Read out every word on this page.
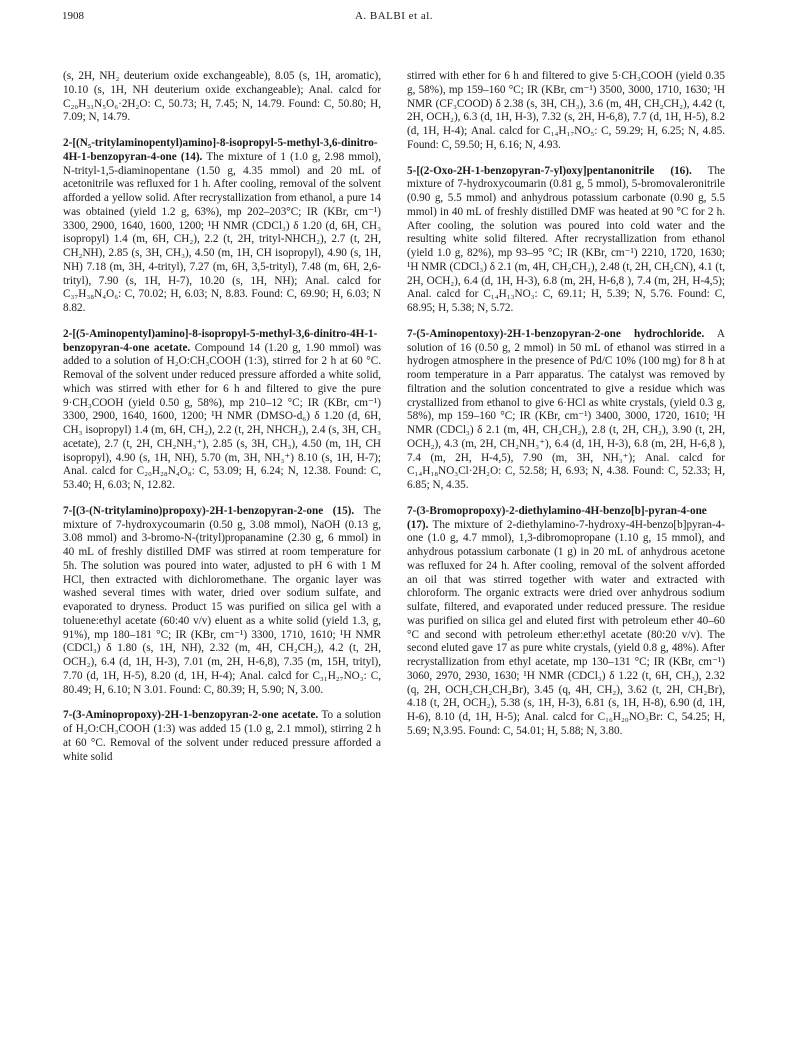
1908	A. BALBI et al.

(s, 2H, NH₂ deuterium oxide exchangeable), 8.05 (s, 1H, aromatic), 10.10 (s, 1H, NH deuterium oxide exchangeable); Anal. calcd for C₂₀H₃₁N₅O₆·2H₂O: C, 50.73; H, 7.45; N, 14.79. Found: C, 50.80; H, 7.09; N, 14.79.

2-[(N₅-tritylaminopentyl)amino]-8-isopropyl-5-methyl-3,6-dinitro-4H-1-benzopyran-4-one (14). The mixture of 1 (1.0 g, 2.98 mmol), N-trityl-1,5-diaminopentane (1.50 g, 4.35 mmol) and 20 mL of acetonitrile was refluxed for 1 h. After cooling, removal of the solvent afforded a yellow solid. After recrystallization from ethanol, a pure 14 was obtained (yield 1.2 g, 63%), mp 202–203°C; IR (KBr, cm⁻¹) 3300, 2900, 1640, 1600, 1200; ¹H NMR (CDCl₃) δ 1.20 (d, 6H, CH₃ isopropyl) 1.4 (m, 6H, CH₂), 2.2 (t, 2H, trityl-NHCH₂), 2.7 (t, 2H, CH₂NH), 2.85 (s, 3H, CH₃), 4.50 (m, 1H, CH isopropyl), 4.90 (s, 1H, NH) 7.18 (m, 3H, 4-trityl), 7.27 (m, 6H, 3,5-trityl), 7.48 (m, 6H, 2,6-trityl), 7.90 (s, 1H, H-7), 10.20 (s, 1H, NH); Anal. calcd for C₃₇H₃₈N₄O₆: C, 70.02; H, 6.03; N, 8.83. Found: C, 69.90; H, 6.03; N 8.82.

2-[(5-Aminopentyl)amino]-8-isopropyl-5-methyl-3,6-dinitro-4H-1-benzopyran-4-one acetate. Compound 14 (1.20 g, 1.90 mmol) was added to a solution of H₂O:CH₃COOH (1:3), stirred for 2 h at 60 °C. Removal of the solvent under reduced pressure afforded a white solid, which was stirred with ether for 6 h and filtered to give the pure 9·CH₃COOH (yield 0.50 g, 58%), mp 210–12 °C; IR (KBr, cm⁻¹) 3300, 2900, 1640, 1600, 1200; ¹H NMR (DMSO-d₆) δ 1.20 (d, 6H, CH₃ isopropyl) 1.4 (m, 6H, CH₂), 2.2 (t, 2H, NHCH₂), 2.4 (s, 3H, CH₃ acetate), 2.7 (t, 2H, CH₂NH₃⁺), 2.85 (s, 3H, CH₃), 4.50 (m, 1H, CH isopropyl), 4.90 (s, 1H, NH), 5.70 (m, 3H, NH₃⁺) 8.10 (s, 1H, H-7); Anal. calcd for C₂₀H₂₈N₄O₈: C, 53.09; H, 6.24; N, 12.38. Found: C, 53.40; H, 6.03; N, 12.82.

7-[(3-(N-tritylamino)propoxy)-2H-1-benzopyran-2-one (15). The mixture of 7-hydroxycoumarin (0.50 g, 3.08 mmol), NaOH (0.13 g, 3.08 mmol) and 3-bromo-N-(trityl)propanamine (2.30 g, 6 mmol) in 40 mL of freshly distilled DMF was stirred at room temperature for 5h. The solution was poured into water, adjusted to pH 6 with 1 M HCl, then extracted with dichloromethane. The organic layer was washed several times with water, dried over sodium sulfate, and evaporated to dryness. Product 15 was purified on silica gel with a toluene:ethyl acetate (60:40 v/v) eluent as a white solid (yield 1.3, g, 91%), mp 180–181 °C; IR (KBr, cm⁻¹) 3300, 1710, 1610; ¹H NMR (CDCl₃) δ 1.80 (s, 1H, NH), 2.32 (m, 4H, CH₂CH₂), 4.2 (t, 2H, OCH₂), 6.4 (d, 1H, H-3), 7.01 (m, 2H, H-6,8), 7.35 (m, 15H, trityl), 7.70 (d, 1H, H-5), 8.20 (d, 1H, H-4); Anal. calcd for C₃₁H₂₇NO₃: C, 80.49; H, 6.10; N 3.01. Found: C, 80.39; H, 5.90; N, 3.00.

7-(3-Aminopropoxy)-2H-1-benzopyran-2-one acetate. To a solution of H₂O:CH₃COOH (1:3) was added 15 (1.0 g, 2.1 mmol), stirring 2 h at 60 °C. Removal of the solvent under reduced pressure afforded a white solid

stirred with ether for 6 h and filtered to give 5·CH₃COOH (yield 0.35 g, 58%), mp 159–160 °C; IR (KBr, cm⁻¹) 3500, 3000, 1710, 1630; ¹H NMR (CF₃COOD) δ 2.38 (s, 3H, CH₃), 3.6 (m, 4H, CH₂CH₂), 4.42 (t, 2H, OCH₂), 6.3 (d, 1H, H-3), 7.32 (s, 2H, H-6,8), 7.7 (d, 1H, H-5), 8.2 (d, 1H, H-4); Anal. calcd for C₁₄H₁₇NO₅: C, 59.29; H, 6.25; N, 4.85. Found: C, 59.50; H, 6.16; N, 4.93.

5-[(2-Oxo-2H-1-benzopyran-7-yl)oxy]pentanonitrile (16). The mixture of 7-hydroxycoumarin (0.81 g, 5 mmol), 5-bromovaleronitrile (0.90 g, 5.5 mmol) and anhydrous potassium carbonate (0.90 g, 5.5 mmol) in 40 mL of freshly distilled DMF was heated at 90 °C for 2 h. After cooling, the solution was poured into cold water and the resulting white solid filtered. After recrystallization from ethanol (yield 1.0 g, 82%), mp 93–95 °C; IR (KBr, cm⁻¹) 2210, 1720, 1630; ¹H NMR (CDCl₃) δ 2.1 (m, 4H, CH₂CH₂), 2.48 (t, 2H, CH₂CN), 4.1 (t, 2H, OCH₂), 6.4 (d, 1H, H-3), 6.8 (m, 2H, H-6,8 ), 7.4 (m, 2H, H-4,5); Anal. calcd for C₁₄H₁₃NO₃: C, 69.11; H, 5.39; N, 5.76. Found: C, 68.95; H, 5.38; N, 5.72.

7-(5-Aminopentoxy)-2H-1-benzopyran-2-one hydrochloride. A solution of 16 (0.50 g, 2 mmol) in 50 mL of ethanol was stirred in a hydrogen atmosphere in the presence of Pd/C 10% (100 mg) for 8 h at room temperature in a Parr apparatus. The catalyst was removed by filtration and the solution concentrated to give a residue which was crystallized from ethanol to give 6·HCl as white crystals, (yield 0.3 g, 58%), mp 159–160 °C; IR (KBr, cm⁻¹) 3400, 3000, 1720, 1610; ¹H NMR (CDCl₃) δ 2.1 (m, 4H, CH₂CH₂), 2.8 (t, 2H, CH₂), 3.90 (t, 2H, OCH₂), 4.3 (m, 2H, CH₂NH₃⁺), 6.4 (d, 1H, H-3), 6.8 (m, 2H, H-6,8 ), 7.4 (m, 2H, H-4,5), 7.90 (m, 3H, NH₃⁺); Anal. calcd for C₁₄H₁₈NO₃Cl·2H₂O: C, 52.58; H, 6.93; N, 4.38. Found: C, 52.33; H, 6.85; N, 4.35.

7-(3-Bromopropoxy)-2-diethylamino-4H-benzo[b]-pyran-4-one (17). The mixture of 2-diethylamino-7-hydroxy-4H-benzo[b]pyran-4-one (1.0 g, 4.7 mmol), 1,3-dibromopropane (1.10 g, 15 mmol), and anhydrous potassium carbonate (1 g) in 20 mL of anhydrous acetone was refluxed for 24 h. After cooling, removal of the solvent afforded an oil that was stirred together with water and extracted with chloroform. The organic extracts were dried over anhydrous sodium sulfate, filtered, and evaporated under reduced pressure. The residue was purified on silica gel and eluted first with petroleum ether 40–60 °C and second with petroleum ether:ethyl acetate (80:20 v/v). The second eluted gave 17 as pure white crystals, (yield 0.8 g, 48%). After recrystallization from ethyl acetate, mp 130–131 °C; IR (KBr, cm⁻¹) 3060, 2970, 2930, 1630; ¹H NMR (CDCl₃) δ 1.22 (t, 6H, CH₃), 2.32 (q, 2H, OCH₂CH₂CH₂Br), 3.45 (q, 4H, CH₂), 3.62 (t, 2H, CH₂Br), 4.18 (t, 2H, OCH₂), 5.38 (s, 1H, H-3), 6.81 (s, 1H, H-8), 6.90 (d, 1H, H-6), 8.10 (d, 1H, H-5); Anal. calcd for C₁₆H₂₀NO₃Br: C, 54.25; H, 5.69; N,3.95. Found: C, 54.01; H, 5.88; N, 3.80.
